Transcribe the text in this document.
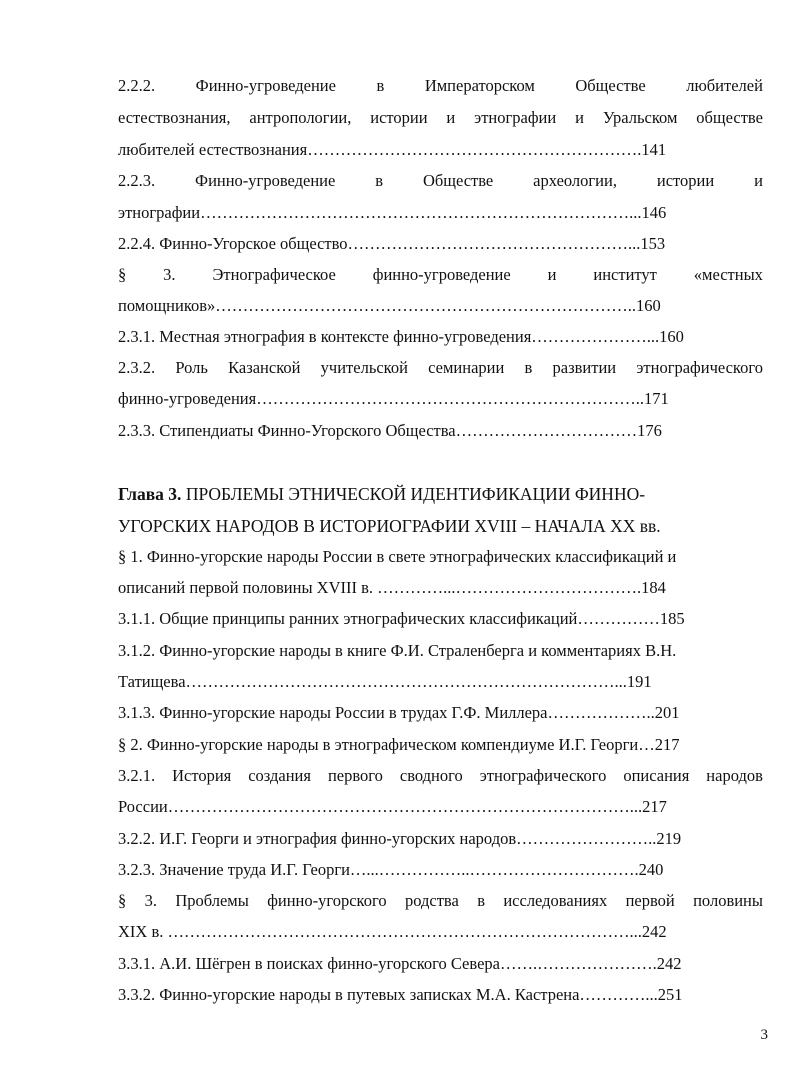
2.2.2. Финно-угроведение в Императорском Обществе любителей
естествознания, антропологии, истории и этнографии и Уральском обществе
любителей естествознания…………………………………………………….141
2.2.3. Финно-угроведение в Обществе археологии, истории и
этнографии……………………………………………………………………...146
2.2.4. Финно-Угорское общество……………………………………………...153
§ 3. Этнографическое финно-угроведение и институт «местных
помощников»…………………………………………………………………..160
2.3.1. Местная этнография в контексте финно-угроведения…………………...160
2.3.2. Роль Казанской учительской семинарии в развитии этнографического
финно-угроведения……………………………………………………………..171
2.3.3. Стипендиаты Финно-Угорского Общества……………………………176
Глава 3. ПРОБЛЕМЫ ЭТНИЧЕСКОЙ ИДЕНТИФИКАЦИИ ФИННО-
УГОРСКИХ НАРОДОВ В ИСТОРИОГРАФИИ XVIII – НАЧАЛА XX вв.
§ 1. Финно-угорские народы России в свете этнографических классификаций и
описаний первой половины XVIII в. …………...…………………………….184
3.1.1. Общие принципы ранних этнографических классификаций……………185
3.1.2. Финно-угорские народы в книге Ф.И. Страленберга и комментариях В.Н.
Татищева……………………………………………………………………...191
3.1.3. Финно-угорские народы России в трудах Г.Ф. Миллера………………..201
§ 2. Финно-угорские народы в этнографическом компендиуме И.Г. Георги…217
3.2.1. История создания первого сводного этнографического описания народов
России…………………………………………………………………………...217
3.2.2. И.Г. Георги и этнография финно-угорских народов……………………..219
3.2.3. Значение труда И.Г. Георги…...……………..………………………….240
§ 3. Проблемы финно-угорского родства в исследованиях первой половины
XIX в. …………………………………………………………………………...242
3.3.1. А.И. Шёгрен в поисках финно-угорского Севера…….………………….242
3.3.2. Финно-угорские народы в путевых записках М.А. Кастрена…………...251
3
